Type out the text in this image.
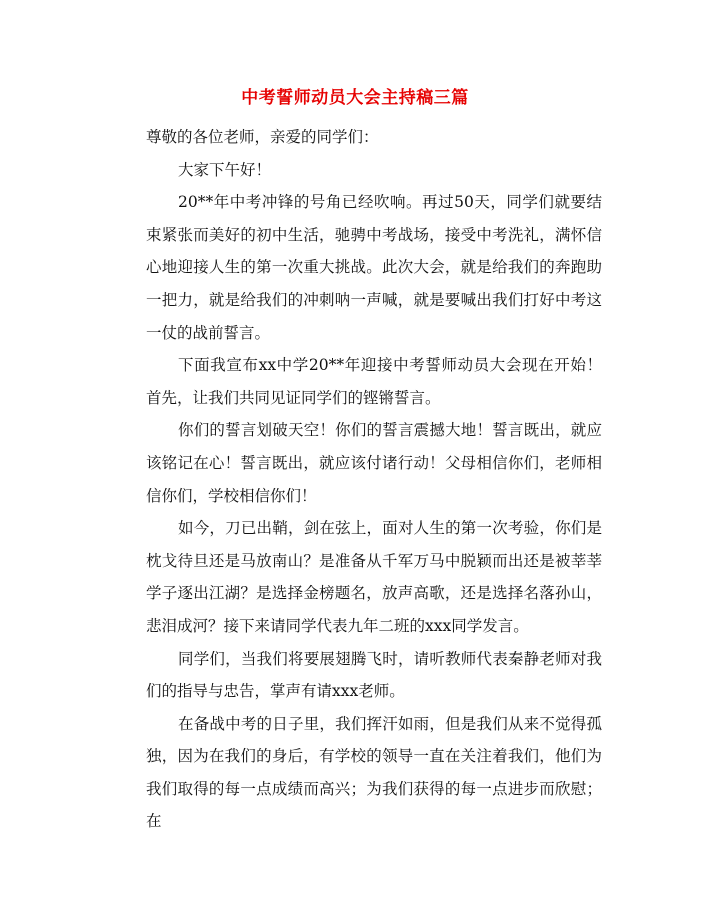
中考誓师动员大会主持稿三篇

尊敬的各位老师，亲爱的同学们：

大家下午好！

20**年中考冲锋的号角已经吹响。再过50天，同学们就要结束紧张而美好的初中生活，驰骋中考战场，接受中考洗礼，满怀信心地迎接人生的第一次重大挑战。此次大会，就是给我们的奔跑助一把力，就是给我们的冲刺呐一声喊，就是要喊出我们打好中考这一仗的战前誓言。

下面我宣布xx中学20**年迎接中考誓师动员大会现在开始！首先，让我们共同见证同学们的铿锵誓言。

你们的誓言划破天空！你们的誓言震撼大地！誓言既出，就应该铭记在心！誓言既出，就应该付诸行动！父母相信你们，老师相信你们，学校相信你们！

如今，刀已出鞘，剑在弦上，面对人生的第一次考验，你们是枕戈待旦还是马放南山？是准备从千军万马中脱颖而出还是被莘莘学子逐出江湖？是选择金榜题名，放声高歌，还是选择名落孙山，悲泪成河？接下来请同学代表九年二班的xxx同学发言。

同学们，当我们将要展翅腾飞时，请听教师代表秦静老师对我们的指导与忠告，掌声有请xxx老师。

在备战中考的日子里，我们挥汗如雨，但是我们从来不觉得孤独，因为在我们的身后，有学校的领导一直在关注着我们，他们为我们取得的每一点成绩而高兴；为我们获得的每一点进步而欣慰；在
